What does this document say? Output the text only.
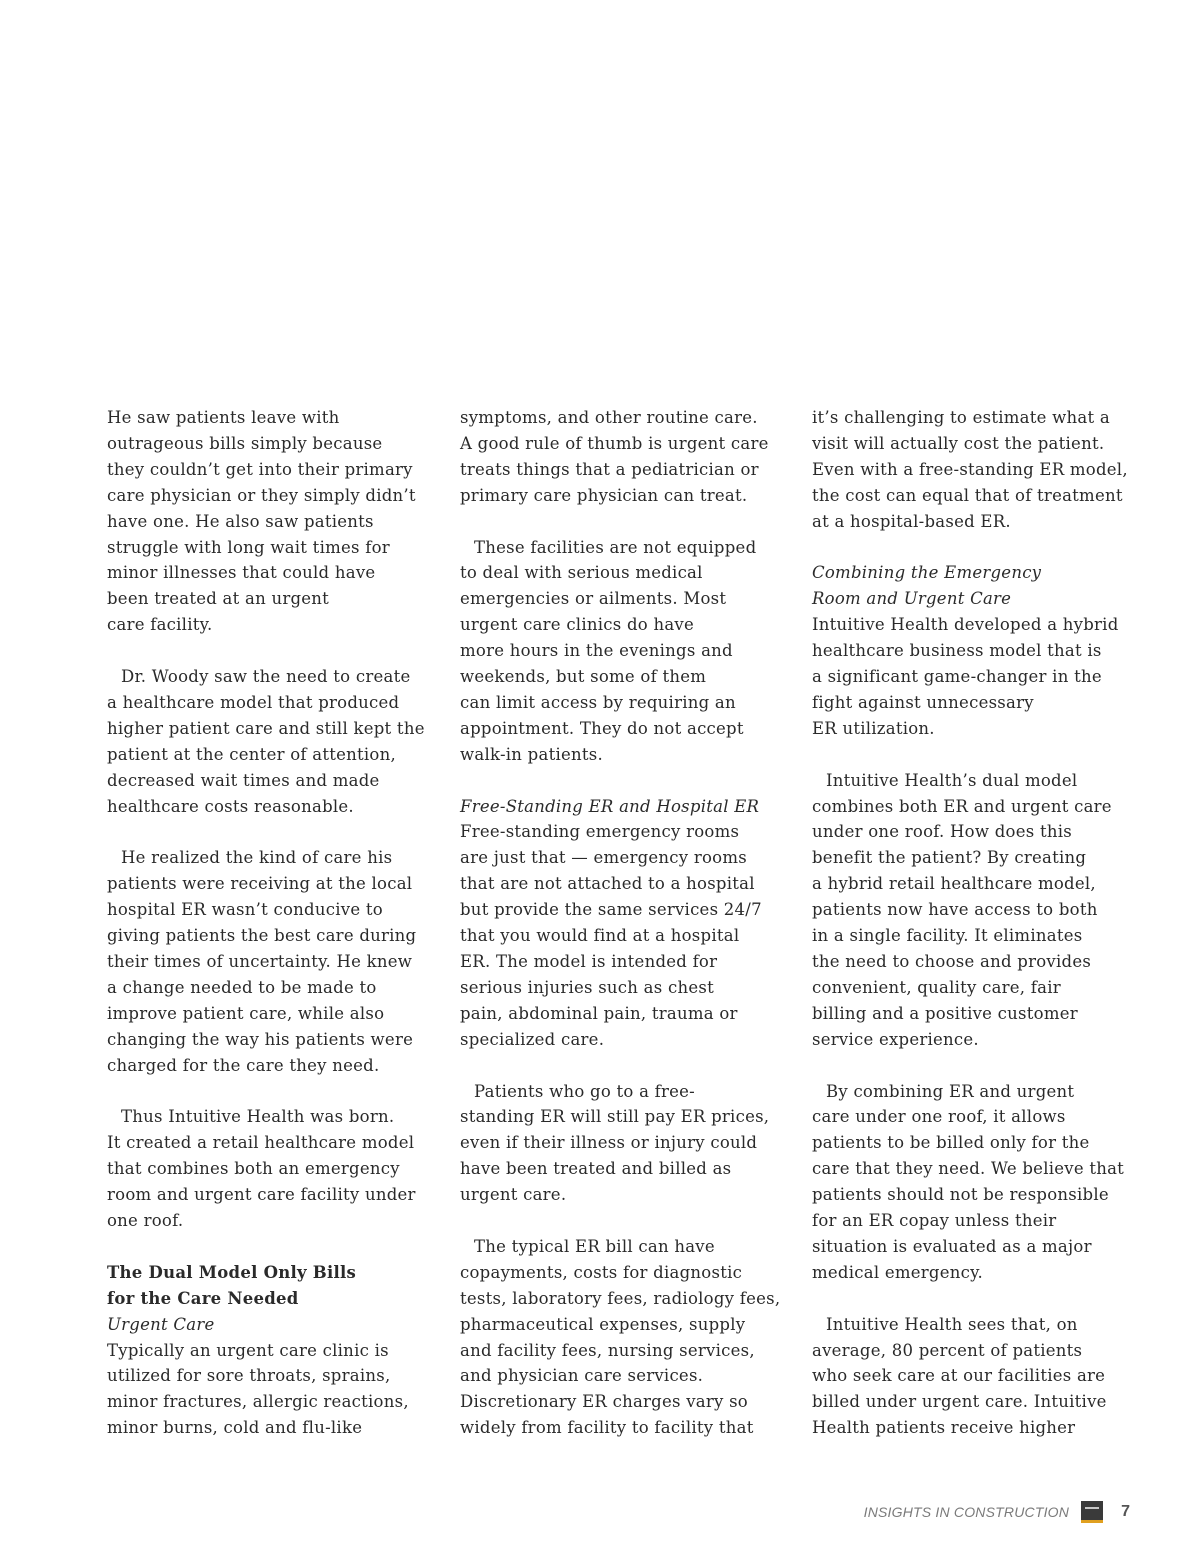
He saw patients leave with
outrageous bills simply because
they couldn’t get into their primary
care physician or they simply didn’t
have one. He also saw patients
struggle with long wait times for
minor illnesses that could have
been treated at an urgent
care facility.

Dr. Woody saw the need to create
a healthcare model that produced
higher patient care and still kept the
patient at the center of attention,
decreased wait times and made
healthcare costs reasonable.

He realized the kind of care his
patients were receiving at the local
hospital ER wasn’t conducive to
giving patients the best care during
their times of uncertainty. He knew
a change needed to be made to
improve patient care, while also
changing the way his patients were
charged for the care they need.

Thus Intuitive Health was born.
It created a retail healthcare model
that combines both an emergency
room and urgent care facility under
one roof.

The Dual Model Only Bills
for the Care Needed
Urgent Care

Typically an urgent care clinic is
utilized for sore throats, sprains,
minor fractures, allergic reactions,
minor burns, cold and flu-like

symptoms, and other routine care.
A good rule of thumb is urgent care
treats things that a pediatrician or
primary care physician can treat.

These facilities are not equipped
to deal with serious medical
emergencies or ailments. Most
urgent care clinics do have
more hours in the evenings and
weekends, but some of them
can limit access by requiring an
appointment. They do not accept
walk-in patients.

Free-Standing ER and Hospital ER

Free-standing emergency rooms
are just that — emergency rooms
that are not attached to a hospital
but provide the same services 24/7
that you would find at a hospital
ER. The model is intended for
serious injuries such as chest
pain, abdominal pain, trauma or
specialized care.

Patients who go to a free-
standing ER will still pay ER prices,
even if their illness or injury could
have been treated and billed as
urgent care.

The typical ER bill can have
copayments, costs for diagnostic
tests, laboratory fees, radiology fees,
pharmaceutical expenses, supply
and facility fees, nursing services,
and physician care services.
Discretionary ER charges vary so
widely from facility to facility that

it’s challenging to estimate what a
visit will actually cost the patient.
Even with a free-standing ER model,
the cost can equal that of treatment
at a hospital-based ER.

Combining the Emergency
Room and Urgent Care

Intuitive Health developed a hybrid
healthcare business model that is
a significant game-changer in the
fight against unnecessary
ER utilization.

Intuitive Health’s dual model
combines both ER and urgent care
under one roof. How does this
benefit the patient? By creating
a hybrid retail healthcare model,
patients now have access to both
in a single facility. It eliminates
the need to choose and provides
convenient, quality care, fair
billing and a positive customer
service experience.

By combining ER and urgent
care under one roof, it allows
patients to be billed only for the
care that they need. We believe that
patients should not be responsible
for an ER copay unless their
situation is evaluated as a major
medical emergency.

Intuitive Health sees that, on
average, 80 percent of patients
who seek care at our facilities are
billed under urgent care. Intuitive
Health patients receive higher

INSIGHTS IN CONSTRUCTION	7
